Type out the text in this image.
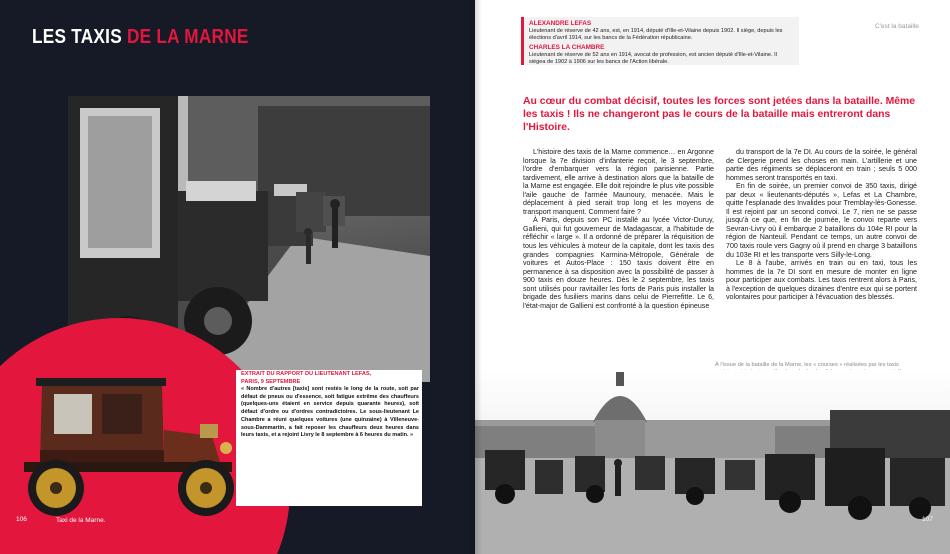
LES TAXIS DE LA MARNE
EXTRAIT DU RAPPORT DU LIEUTENANT LEFAS,
PARIS, 9 SEPTEMBRE
« Nombre d'autres [taxis] sont restés le long de la route, soit par défaut de pneus ou d'essence, soit fatigue extrême des chauffeurs (quelques-uns étaient en service depuis quarante heures), soit défaut d'ordre ou d'ordres contradictoires. Le sous-lieutenant Le Chambre a réuni quelques voitures (une quinzaine) à Villeneuve-sous-Dammartin, a fait reposer les chauffeurs deux heures dans leurs taxis, et a rejoint Livry le 8 septembre à 6 heures du matin. »
106	Taxi de la Marne.
ALEXANDRE LEFAS
Lieutenant de réserve de 42 ans, est, en 1914, député d'Ille-et-Vilaine depuis 1902. Il siège, depuis les élections d'avril 1914, sur les bancs de la Fédération républicaine.
CHARLES LA CHAMBRE
Lieutenant de réserve de 52 ans en 1914, avocat de profession, est ancien député d'Ille-et-Vilaine. Il siégea de 1902 à 1906 sur les bancs de l'Action libérale.
C'est la bataille
Au cœur du combat décisif, toutes les forces sont jetées dans la bataille. Même les taxis ! Ils ne changeront pas le cours de la bataille mais entreront dans l'Histoire.
L'histoire des taxis de la Marne commence… en Argonne lorsque la 7e division d'infanterie reçoit, le 3 septembre, l'ordre d'embarquer vers la région parisienne. Partie tardivement, elle arrive à destination alors que la bataille de la Marne est engagée. Elle doit rejoindre le plus vite possible l'aile gauche de l'armée Maunoury, menacée. Mais le déplacement à pied serait trop long et les moyens de transport manquent. Comment faire ?
À Paris, depuis son PC installé au lycée Victor-Duruy, Gallieni, qui fut gouverneur de Madagascar, a l'habitude de réfléchir « large ». Il a ordonné de préparer la réquisition de tous les véhicules à moteur de la capitale, dont les taxis des grandes compagnies Karmina-Métropole, Générale de voitures et Autos-Place : 150 taxis doivent être en permanence à sa disposition avec la possibilité de passer à 900 taxis en douze heures. Dès le 2 septembre, les taxis sont utilisés pour ravitailler les forts de Paris puis installer la brigade des fusiliers marins dans celui de Pierrefitte. Le 6, l'état-major de Gallieni est confronté à la question épineuse
du transport de la 7e DI. Au cours de la soirée, le général de Clergerie prend les choses en main. L'artillerie et une partie des régiments se déplaceront en train ; seuls 5 000 hommes seront transportés en taxi.
En fin de soirée, un premier convoi de 350 taxis, dirigé par deux « lieutenants-députés », Lefas et La Chambre, quitte l'esplanade des Invalides pour Tremblay-lès-Gonesse. Il est rejoint par un second convoi. Le 7, rien ne se passe jusqu'à ce que, en fin de journée, le convoi reparte vers Sevran-Livry où il embarque 2 bataillons du 104e RI pour la région de Nanteuil. Pendant ce temps, un autre convoi de 700 taxis roule vers Gagny où il prend en charge 3 bataillons du 103e RI et les transporte vers Silly-le-Long.
Le 8 à l'aube, arrivés en train ou en taxi, tous les hommes de la 7e DI sont en mesure de monter en ligne pour participer aux combats. Les taxis rentrent alors à Paris, à l'exception de quelques dizaines d'entre eux qui se portent volontaires pour participer à l'évacuation des blessés.
À l'issue de la bataille de la Marne, les « courses » réalisées par les taxis
107
